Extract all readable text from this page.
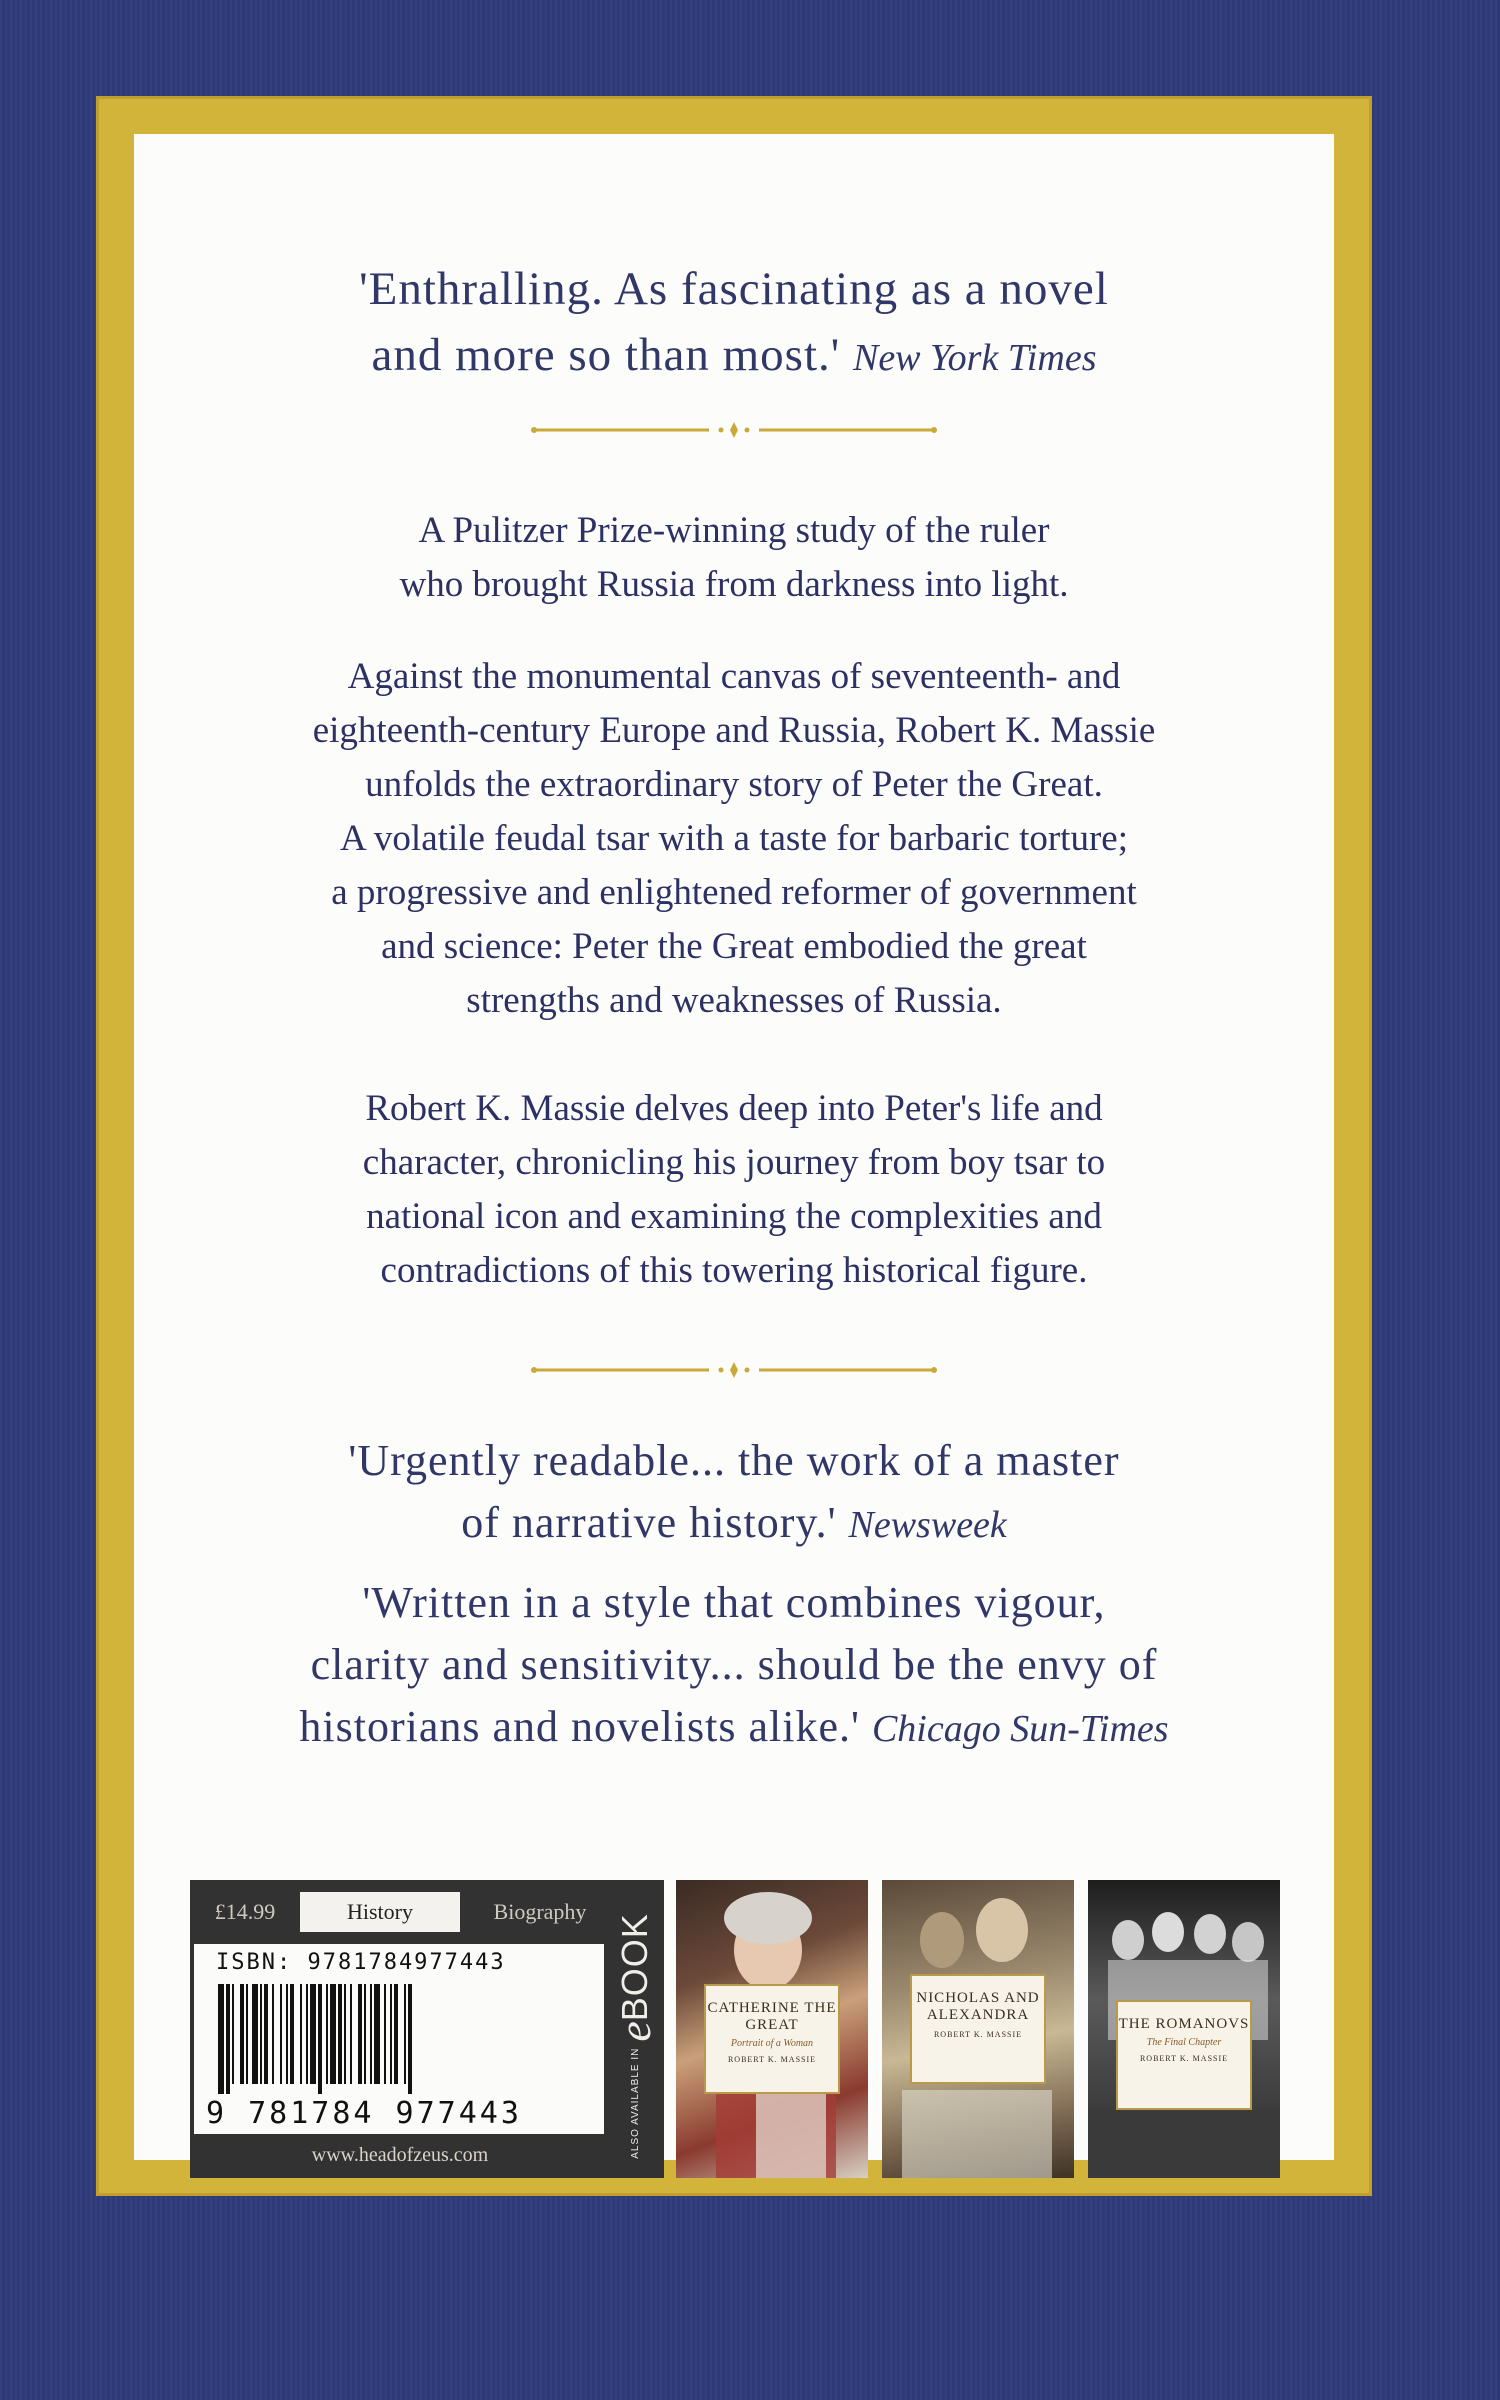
'Enthralling. As fascinating as a novel
and more so than most.' New York Times

A Pulitzer Prize-winning study of the ruler

who brought Russia from darkness into light.

Against the monumental canvas of seventeenth- and

eighteenth-century Europe and Russia, Robert K. Massie

unfolds the extraordinary story of Peter the Great.

A volatile feudal tsar with a taste for barbaric torture;

a progressive and enlightened reformer of government

and science: Peter the Great embodied the great

strengths and weaknesses of Russia.

Robert K. Massie delves deep into Peter's life and

character, chronicling his journey from boy tsar to

national icon and examining the complexities and

contradictions of this towering historical figure.

'Urgently readable... the work of a master
of narrative history.' Newsweek
'Written in a style that combines vigour,
clarity and sensitivity... should be the envy of
historians and novelists alike.' Chicago Sun-Times
£14.99	History	Biography
ISBN: 9781784977443
9 781784 977443	ALSO AVAILABLE IN
e
BOOK
www.headofzeus.com
CATHERINE THE GREAT
Portrait of a Woman
ROBERT K. MASSIE
NICHOLAS AND ALEXANDRA
ROBERT K. MASSIE
THE ROMANOVS
The Final Chapter
ROBERT K. MASSIE
